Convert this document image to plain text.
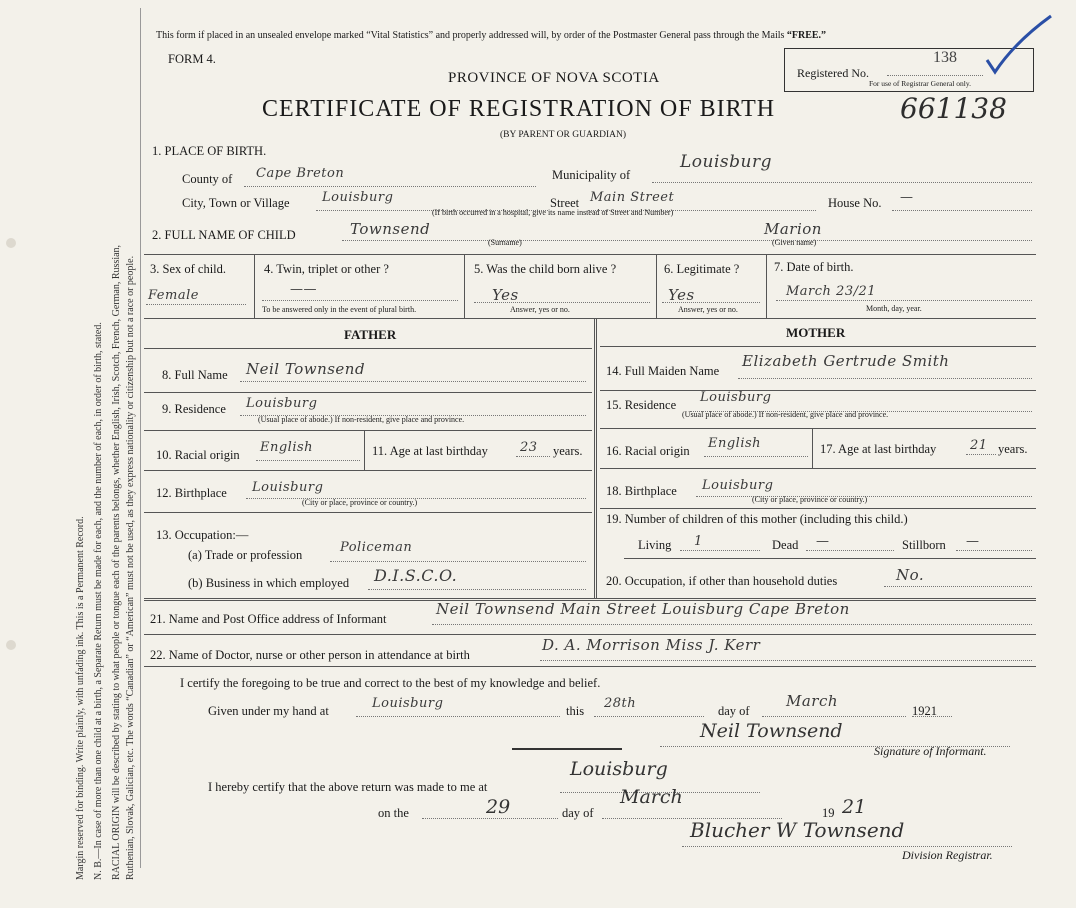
Margin reserved for binding. Write plainly, with unfading ink. This is a Permanent Record. N. B.—In case of more than one child at a birth, a Separate Return must be made for each, and the number of each, in order of birth, stated. RACIAL ORIGIN will be described by stating to what people or tongue each of the parents belongs, whether English, Irish, Scotch, French, German, Russian, Ruthenian, Slovak, Galician, etc. The words “Canadian” or “American” must not be used, as they express nationality or citizenship but not a race or people.
This form if placed in an unsealed envelope marked “Vital Statistics” and properly addressed will, by order of the Postmaster General pass through the Mails “FREE.”
FORM 4.
PROVINCE OF NOVA SCOTIA
CERTIFICATE OF REGISTRATION OF BIRTH	661138
(BY PARENT OR GUARDIAN)
Registered No.
138
For use of Registrar General only.
1. PLACE OF BIRTH.
County of Cape Breton	Municipality of
Louisburg
City, Town or Village Louisburg	Street Main Street	House No. —
(If birth occurred in a hospital, give its name instead of Street and Number)
2. FULL NAME OF CHILD	Townsend	Marion
(Surname)	(Given name)
3. Sex of child.
Female
4. Twin, triplet or other ?
——
To be answered only in the event of plural birth.
5. Was the child born alive ?
Yes
Answer, yes or no.
6. Legitimate ?
Yes
Answer, yes or no.
7. Date of birth.
March 23/21
Month, day, year.
FATHER	MOTHER
8. Full Name Neil Townsend
9. Residence Louisburg
(Usual place of abode.) If non-resident, give place and province.
10. Racial origin English	11. Age at last birthday 23 years.
12. Birthplace Louisburg
(City or place, province or country.)
13. Occupation:—
(a) Trade or profession	Policeman
(b) Business in which employed D.I.S.C.O.
14. Full Maiden Name
Elizabeth Gertrude Smith
15. Residence Louisburg
(Usual place of abode.) If non-resident, give place and province.
16. Racial origin English	17. Age at last birthday	21 years.
18. Birthplace Louisburg
(City or place, province or country.)
19. Number of children of this mother (including this child.)
Living 1	Dead —	Stillborn —
20. Occupation, if other than household duties	No.
21. Name and Post Office address of Informant
Neil Townsend Main Street Louisburg Cape Breton
22. Name of Doctor, nurse or other person in attendance at birth
D. A. Morrison Miss J. Kerr
I certify the foregoing to be true and correct to the best of my knowledge and belief.
Given under my hand at	Louisburg	this 28th	day of
March
1921
Neil Townsend
Signature of Informant.
I hereby certify that the above return was made to me at
Louisburg
on the	29	day of
March
19 21
Blucher W Townsend
Division Registrar.
